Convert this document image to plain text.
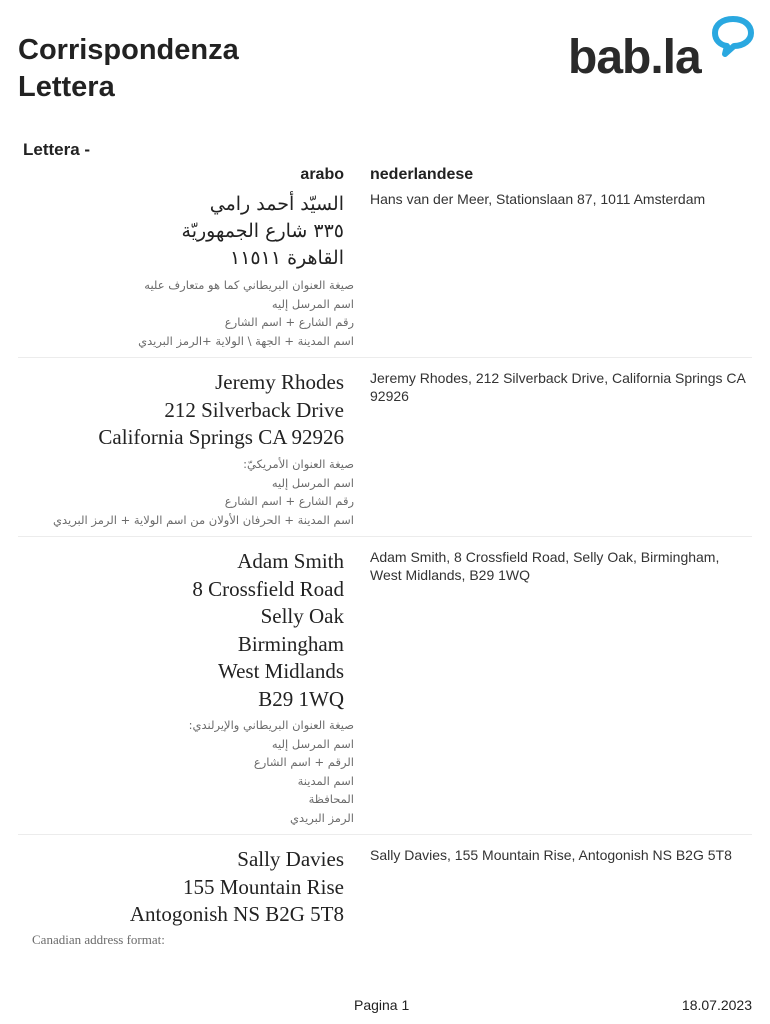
Corrispondenza
Lettera
bab.la
Lettera -
arabo nederlandese
السيّد أحمد رامي
٣٣٥ شارع الجمهوريّة
القاهرة ١١٥١١
صيغة العنوان البريطاني كما هو متعارف عليه
اسم المرسل إليه
رقم الشارع + اسم الشارع
اسم المدينة + الجهة \ الولاية +الرمز البريدي
Hans van der Meer, Stationslaan 87, 1011 Amsterdam
Jeremy Rhodes
212 Silverback Drive
California Springs CA 92926
صيغة العنوان الأمريكيّ:
اسم المرسل إليه
رقم الشارع + اسم الشارع
اسم المدينة + الحرفان الأولان من اسم الولاية + الرمز البريدي
Jeremy Rhodes, 212 Silverback Drive, California Springs CA 92926
Adam Smith
8 Crossfield Road
Selly Oak
Birmingham
West Midlands
B29 1WQ
صيغة العنوان البريطاني والإيرلندي:
اسم المرسل إليه
الرقم + اسم الشارع
اسم المدينة
المحافظة
الرمز البريدي
Adam Smith, 8 Crossfield Road, Selly Oak, Birmingham, West Midlands, B29 1WQ
Sally Davies
155 Mountain Rise
Antogonish NS B2G 5T8
Canadian address format:
Sally Davies, 155 Mountain Rise, Antogonish NS B2G 5T8
Pagina 1	18.07.2023
